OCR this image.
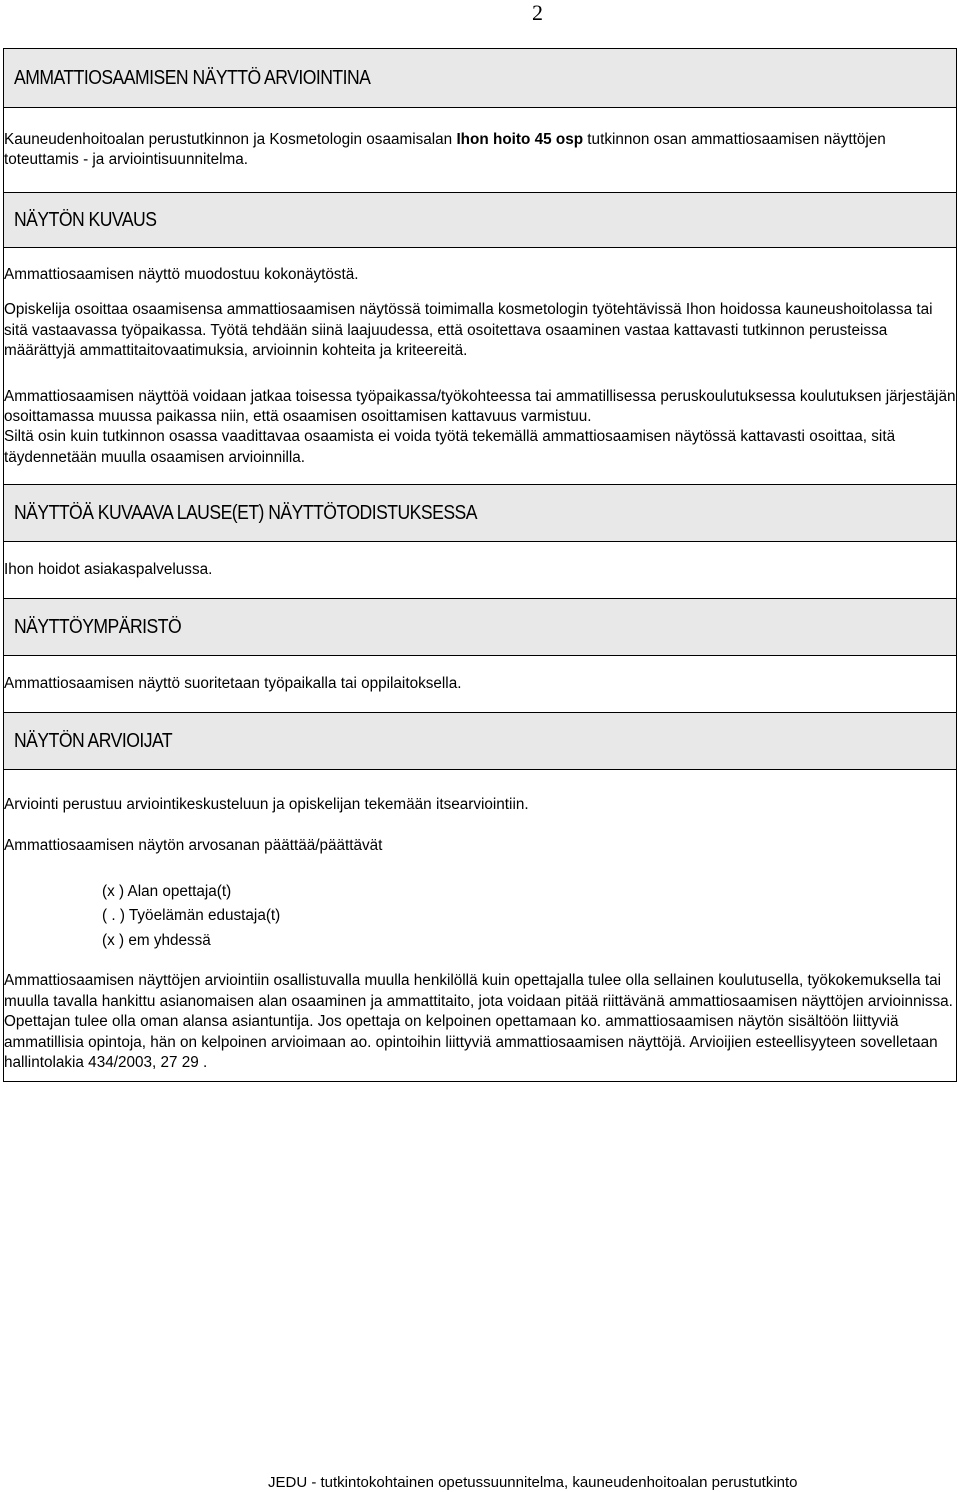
2
AMMATTIOSAAMISEN NÄYTTÖ ARVIOINTINA

Kauneudenhoitoalan perustutkinnon ja Kosmetologin osaamisalan Ihon hoito 45 osp tutkinnon osan ammattiosaamisen näyttöjen toteuttamis - ja arviointisuunnitelma.

NÄYTÖN KUVAUS

Ammattiosaamisen näyttö muodostuu kokonäytöstä.

Opiskelija osoittaa osaamisensa ammattiosaamisen näytössä toimimalla kosmetologin työtehtävissä Ihon hoidossa kauneushoitolassa tai sitä vastaavassa työpaikassa. Työtä tehdään siinä laajuudessa, että osoitettava osaaminen vastaa kattavasti tutkinnon perusteissa määrättyjä ammattitaitovaatimuksia, arvioinnin kohteita ja kriteereitä.

Ammattiosaamisen näyttöä voidaan jatkaa toisessa työpaikassa/työkohteessa tai ammatillisessa peruskoulutuksessa koulutuksen järjestäjän osoittamassa muussa paikassa niin, että osaamisen osoittamisen kattavuus varmistuu.

Siltä osin kuin tutkinnon osassa vaadittavaa osaamista ei voida työtä tekemällä ammattiosaamisen näytössä kattavasti osoittaa, sitä täydennetään muulla osaamisen arvioinnilla.

NÄYTTÖÄ KUVAAVA LAUSE(ET) NÄYTTÖTODISTUKSESSA

Ihon hoidot asiakaspalvelussa.

NÄYTTÖYMPÄRISTÖ

Ammattiosaamisen näyttö suoritetaan työpaikalla tai oppilaitoksella.

NÄYTÖN ARVIOIJAT

Arviointi perustuu arviointikeskusteluun ja opiskelijan tekemään itsearviointiin.

Ammattiosaamisen näytön arvosanan päättää/päättävät

(x ) Alan opettaja(t)
( . ) Työelämän edustaja(t)
(x ) em yhdessä

Ammattiosaamisen näyttöjen arviointiin osallistuvalla muulla henkilöllä kuin opettajalla tulee olla sellainen koulutusella, työkokemuksella tai muulla tavalla hankittu asianomaisen alan osaaminen ja ammattitaito, jota voidaan pitää riittävänä ammattiosaamisen näyttöjen arvioinnissa. Opettajan tulee olla oman alansa asiantuntija. Jos opettaja on kelpoinen opettamaan ko. ammattiosaamisen näytön sisältöön liittyviä ammatillisia opintoja, hän on kelpoinen arvioimaan ao. opintoihin liittyviä ammattiosaamisen näyttöjä. Arvioijien esteellisyyteen sovelletaan hallintolakia 434/2003, 27 29 .

JEDU - tutkintokohtainen opetussuunnitelma, kauneudenhoitoalan perustutkinto
